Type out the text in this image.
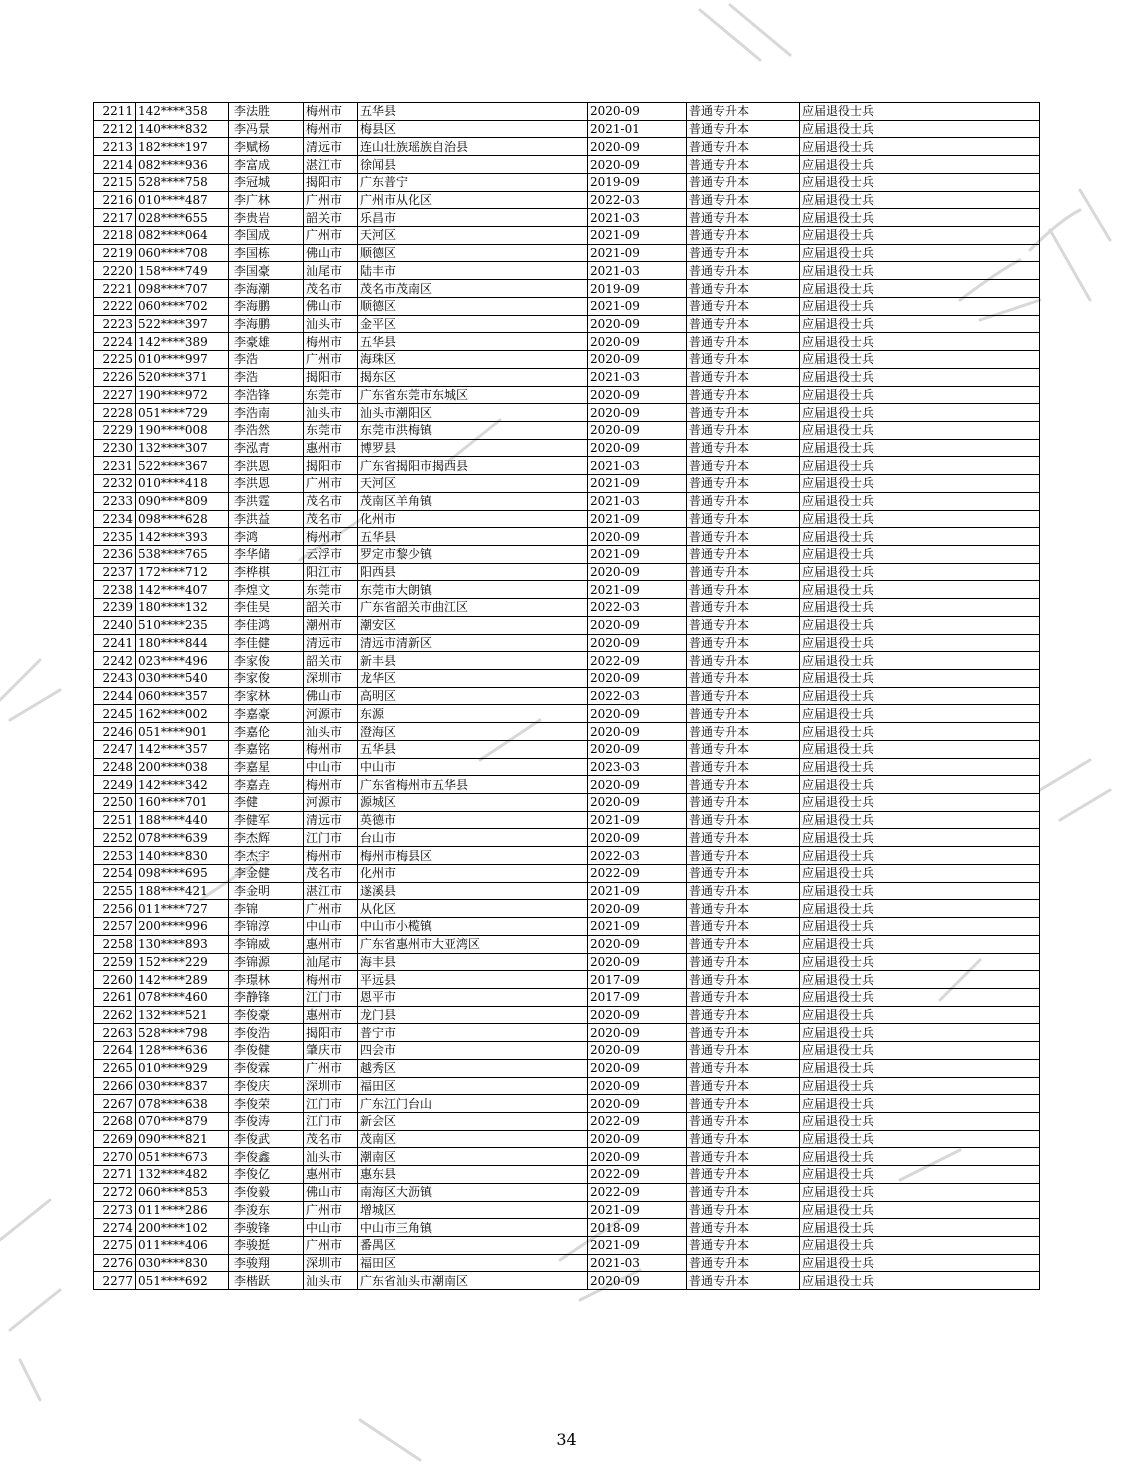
2211	142****358	李法胜	梅州市	五华县	2020-09	普通专升本	应届退役士兵
2212	140****832	李冯景	梅州市	梅县区	2021-01	普通专升本	应届退役士兵
2213	182****197	李赋杨	清远市	连山壮族瑶族自治县	2020-09	普通专升本	应届退役士兵
2214	082****936	李富成	湛江市	徐闻县	2020-09	普通专升本	应届退役士兵
2215	528****758	李冠城	揭阳市	广东普宁	2019-09	普通专升本	应届退役士兵
2216	010****487	李广林	广州市	广州市从化区	2022-03	普通专升本	应届退役士兵
2217	028****655	李贵岩	韶关市	乐昌市	2021-03	普通专升本	应届退役士兵
2218	082****064	李国成	广州市	天河区	2021-09	普通专升本	应届退役士兵
2219	060****708	李国栋	佛山市	顺德区	2021-09	普通专升本	应届退役士兵
2220	158****749	李国豪	汕尾市	陆丰市	2021-03	普通专升本	应届退役士兵
2221	098****707	李海潮	茂名市	茂名市茂南区	2019-09	普通专升本	应届退役士兵
2222	060****702	李海鹏	佛山市	顺德区	2021-09	普通专升本	应届退役士兵
2223	522****397	李海鹏	汕头市	金平区	2020-09	普通专升本	应届退役士兵
2224	142****389	李豪雄	梅州市	五华县	2020-09	普通专升本	应届退役士兵
2225	010****997	李浩	广州市	海珠区	2020-09	普通专升本	应届退役士兵
2226	520****371	李浩	揭阳市	揭东区	2021-03	普通专升本	应届退役士兵
2227	190****972	李浩锋	东莞市	广东省东莞市东城区	2020-09	普通专升本	应届退役士兵
2228	051****729	李浩南	汕头市	汕头市潮阳区	2020-09	普通专升本	应届退役士兵
2229	190****008	李浩然	东莞市	东莞市洪梅镇	2020-09	普通专升本	应届退役士兵
2230	132****307	李泓青	惠州市	博罗县	2020-09	普通专升本	应届退役士兵
2231	522****367	李洪恩	揭阳市	广东省揭阳市揭西县	2021-03	普通专升本	应届退役士兵
2232	010****418	李洪恩	广州市	天河区	2021-09	普通专升本	应届退役士兵
2233	090****809	李洪霆	茂名市	茂南区羊角镇	2021-03	普通专升本	应届退役士兵
2234	098****628	李洪益	茂名市	化州市	2021-09	普通专升本	应届退役士兵
2235	142****393	李鸿	梅州市	五华县	2020-09	普通专升本	应届退役士兵
2236	538****765	李华储	云浮市	罗定市黎少镇	2021-09	普通专升本	应届退役士兵
2237	172****712	李桦棋	阳江市	阳西县	2020-09	普通专升本	应届退役士兵
2238	142****407	李煌文	东莞市	东莞市大朗镇	2021-09	普通专升本	应届退役士兵
2239	180****132	李佳昊	韶关市	广东省韶关市曲江区	2022-03	普通专升本	应届退役士兵
2240	510****235	李佳鸿	潮州市	潮安区	2020-09	普通专升本	应届退役士兵
2241	180****844	李佳健	清远市	清远市清新区	2020-09	普通专升本	应届退役士兵
2242	023****496	李家俊	韶关市	新丰县	2022-09	普通专升本	应届退役士兵
2243	030****540	李家俊	深圳市	龙华区	2020-09	普通专升本	应届退役士兵
2244	060****357	李家林	佛山市	高明区	2022-03	普通专升本	应届退役士兵
2245	162****002	李嘉豪	河源市	东源	2020-09	普通专升本	应届退役士兵
2246	051****901	李嘉伦	汕头市	澄海区	2020-09	普通专升本	应届退役士兵
2247	142****357	李嘉铭	梅州市	五华县	2020-09	普通专升本	应届退役士兵
2248	200****038	李嘉星	中山市	中山市	2023-03	普通专升本	应届退役士兵
2249	142****342	李嘉垚	梅州市	广东省梅州市五华县	2020-09	普通专升本	应届退役士兵
2250	160****701	李健	河源市	源城区	2020-09	普通专升本	应届退役士兵
2251	188****440	李健军	清远市	英德市	2021-09	普通专升本	应届退役士兵
2252	078****639	李杰辉	江门市	台山市	2020-09	普通专升本	应届退役士兵
2253	140****830	李杰宇	梅州市	梅州市梅县区	2022-03	普通专升本	应届退役士兵
2254	098****695	李金健	茂名市	化州市	2022-09	普通专升本	应届退役士兵
2255	188****421	李金明	湛江市	遂溪县	2021-09	普通专升本	应届退役士兵
2256	011****727	李锦	广州市	从化区	2020-09	普通专升本	应届退役士兵
2257	200****996	李锦淳	中山市	中山市小榄镇	2021-09	普通专升本	应届退役士兵
2258	130****893	李锦威	惠州市	广东省惠州市大亚湾区	2020-09	普通专升本	应届退役士兵
2259	152****229	李锦源	汕尾市	海丰县	2020-09	普通专升本	应届退役士兵
2260	142****289	李璟林	梅州市	平远县	2017-09	普通专升本	应届退役士兵
2261	078****460	李静锋	江门市	恩平市	2017-09	普通专升本	应届退役士兵
2262	132****521	李俊豪	惠州市	龙门县	2020-09	普通专升本	应届退役士兵
2263	528****798	李俊浩	揭阳市	普宁市	2020-09	普通专升本	应届退役士兵
2264	128****636	李俊健	肇庆市	四会市	2020-09	普通专升本	应届退役士兵
2265	010****929	李俊霖	广州市	越秀区	2020-09	普通专升本	应届退役士兵
2266	030****837	李俊庆	深圳市	福田区	2020-09	普通专升本	应届退役士兵
2267	078****638	李俊荣	江门市	广东江门台山	2020-09	普通专升本	应届退役士兵
2268	070****879	李俊涛	江门市	新会区	2022-09	普通专升本	应届退役士兵
2269	090****821	李俊武	茂名市	茂南区	2020-09	普通专升本	应届退役士兵
2270	051****673	李俊鑫	汕头市	潮南区	2020-09	普通专升本	应届退役士兵
2271	132****482	李俊亿	惠州市	惠东县	2022-09	普通专升本	应届退役士兵
2272	060****853	李俊毅	佛山市	南海区大沥镇	2022-09	普通专升本	应届退役士兵
2273	011****286	李浚东	广州市	增城区	2021-09	普通专升本	应届退役士兵
2274	200****102	李骏锋	中山市	中山市三角镇	2018-09	普通专升本	应届退役士兵
2275	011****406	李骏挺	广州市	番禺区	2021-09	普通专升本	应届退役士兵
2276	030****830	李骏翔	深圳市	福田区	2021-03	普通专升本	应届退役士兵
2277	051****692	李楷跃	汕头市	广东省汕头市潮南区	2020-09	普通专升本	应届退役士兵
34
